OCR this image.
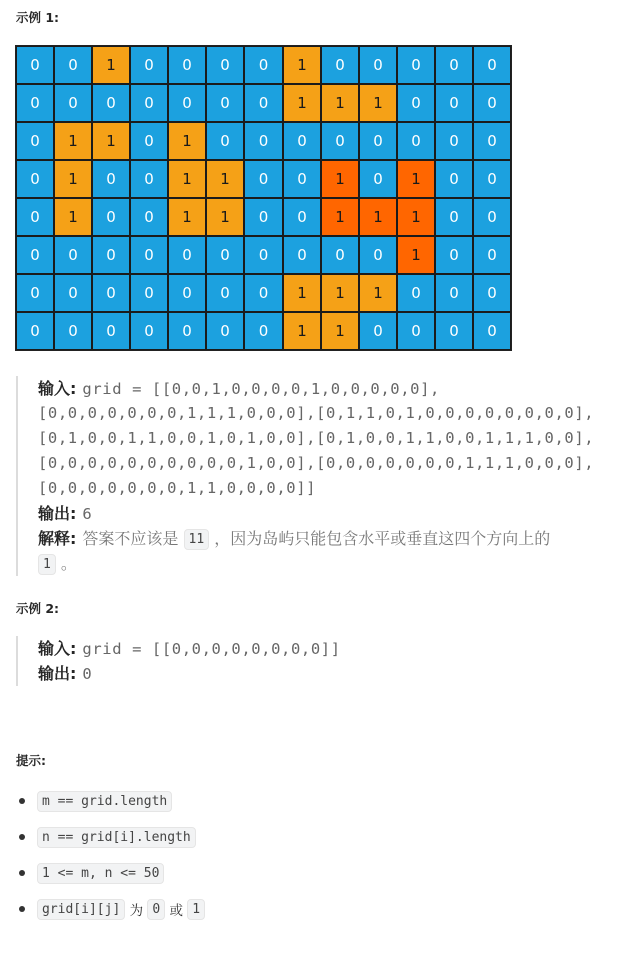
示例 1:
0	0	1	0	0	0	0	1	0	0	0	0	0
0	0	0	0	0	0	0	1	1	1	0	0	0
0	1	1	0	1	0	0	0	0	0	0	0	0
0	1	0	0	1	1	0	0	1	0	1	0	0
0	1	0	0	1	1	0	0	1	1	1	0	0
0	0	0	0	0	0	0	0	0	0	1	0	0
0	0	0	0	0	0	0	1	1	1	0	0	0
0	0	0	0	0	0	0	1	1	0	0	0	0
输入: grid = [[0,0,1,0,0,0,0,1,0,0,0,0,0],
[0,0,0,0,0,0,0,1,1,1,0,0,0],[0,1,1,0,1,0,0,0,0,0,0,0,0],
[0,1,0,0,1,1,0,0,1,0,1,0,0],[0,1,0,0,1,1,0,0,1,1,1,0,0],
[0,0,0,0,0,0,0,0,0,0,1,0,0],[0,0,0,0,0,0,0,1,1,1,0,0,0],
[0,0,0,0,0,0,0,1,1,0,0,0,0]]
输出: 6
解释: 答案不应该是 11 ，因为岛屿只能包含水平或垂直这四个方向上的
1 。
示例 2:
输入: grid = [[0,0,0,0,0,0,0,0]]
输出: 0
提示:
m == grid.length
n == grid[i].length
1 <= m, n <= 50
grid[i][j]
为
0
或
1
